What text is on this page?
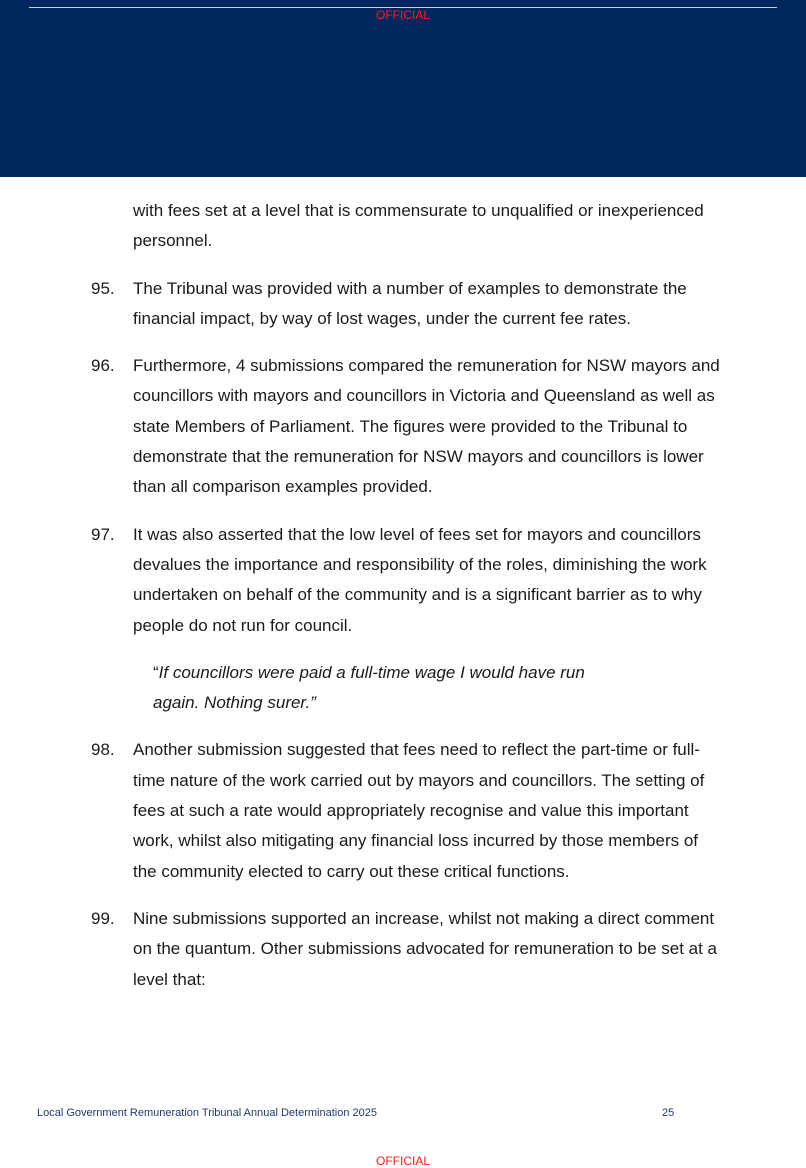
OFFICIAL

with fees set at a level that is commensurate to unqualified or inexperienced personnel.

95.	The Tribunal was provided with a number of examples to demonstrate the financial impact, by way of lost wages, under the current fee rates.
96.	Furthermore, 4 submissions compared the remuneration for NSW mayors and councillors with mayors and councillors in Victoria and Queensland as well as state Members of Parliament. The figures were provided to the Tribunal to demonstrate that the remuneration for NSW mayors and councillors is lower than all comparison examples provided.
97.	It was also asserted that the low level of fees set for mayors and councillors devalues the importance and responsibility of the roles, diminishing the work undertaken on behalf of the community and is a significant barrier as to why people do not run for council.

“If councillors were paid a full-time wage I would have run again. Nothing surer.”

98.	Another submission suggested that fees need to reflect the part-time or full-time nature of the work carried out by mayors and councillors. The setting of fees at such a rate would appropriately recognise and value this important work, whilst also mitigating any financial loss incurred by those members of the community elected to carry out these critical functions.
99.	Nine submissions supported an increase, whilst not making a direct comment on the quantum. Other submissions advocated for remuneration to be set at a level that:
Local Government Remuneration Tribunal Annual Determination 2025	25
OFFICIAL
